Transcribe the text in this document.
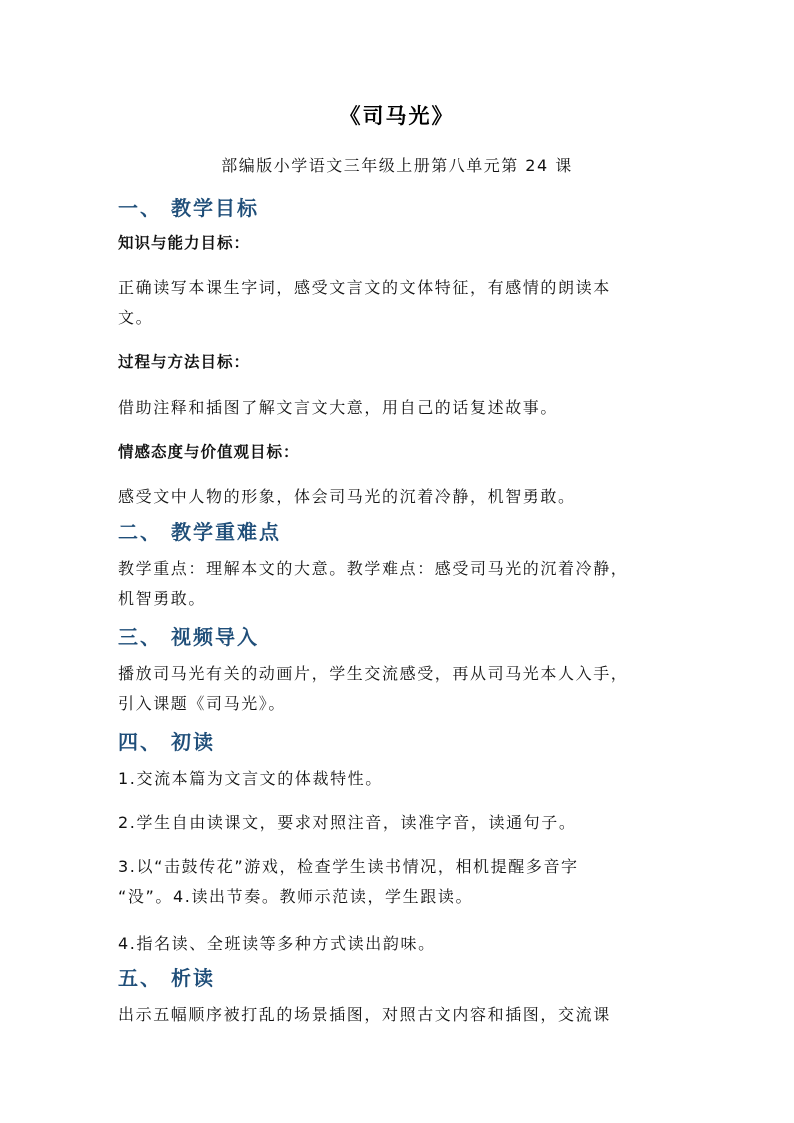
《司马光》
部编版小学语文三年级上册第八单元第 24 课
一、 教学目标
知识与能力目标：
正确读写本课生字词，感受文言文的文体特征，有感情的朗读本
文。
过程与方法目标：
借助注释和插图了解文言文大意，用自己的话复述故事。
情感态度与价值观目标：
感受文中人物的形象，体会司马光的沉着冷静，机智勇敢。
二、 教学重难点
教学重点：理解本文的大意。教学难点：感受司马光的沉着冷静，
机智勇敢。
三、 视频导入
播放司马光有关的动画片，学生交流感受，再从司马光本人入手，
引入课题《司马光》。
四、 初读
1.交流本篇为文言文的体裁特性。
2.学生自由读课文，要求对照注音，读准字音，读通句子。
3.以“击鼓传花”游戏，检查学生读书情况，相机提醒多音字
“没”。4.读出节奏。教师示范读，学生跟读。
4.指名读、全班读等多种方式读出韵味。
五、 析读
出示五幅顺序被打乱的场景插图，对照古文内容和插图，交流课
